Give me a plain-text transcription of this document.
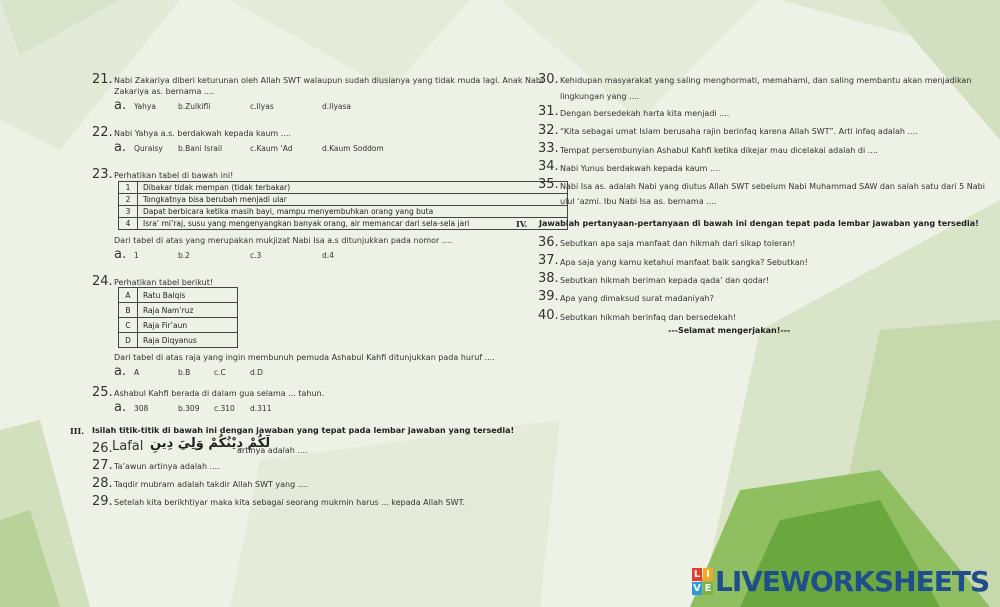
21. Nabi Zakariya diberi keturunan oleh Allah SWT walaupun sudah diusianya yang tidak muda lagi. Anak Nabi
Zakariya as. bernama ....
a. Yahya	b.Zulkifli	c.Ilyas	d.Ilyasa
22. Nabi Yahya a.s. berdakwah kepada kaum ....
a. Quraisy b.Bani Israil	c.Kaum ‘Ad	d.Kaum Soddom
23. Perhatikan tabel di bawah ini!
1	Dibakar tidak mempan (tidak terbakar)
2	Tongkatnya bisa berubah menjadi ular
3	Dapat berbicara ketika masih bayi, mampu menyembuhkan orang yang buta
4	Isra’ mi’raj, susu yang mengenyangkan banyak orang, air memancar dari sela-sela jari
Dari tabel di atas yang merupakan mukjizat Nabi Isa a.s ditunjukkan pada nomor ....
a. 1	b.2	c.3	d.4
24. Perhatikan tabel berikut!
A	Ratu Balqis
B	Raja Nam’ruz
C	Raja Fir’aun
D	Raja Diqyanus
Dari tabel di atas raja yang ingin membunuh pemuda Ashabul Kahfi ditunjukkan pada huruf ....
a. A	b.B	c.C	d.D
25. Ashabul Kahfi berada di dalam gua selama ... tahun.
a. 308	b.309 c.310 d.311
III. Isilah titik-titik di bawah ini dengan jawaban yang tepat pada lembar jawaban yang tersedia!
26. Lafal لَكُمْ دِيْنُكُمْ وَلِيَ دِينِ
artinya adalah ....
27. Ta’awun artinya adalah ....
28. Taqdir mubram adalah takdir Allah SWT yang ....
29. Setelah kita berikhtiyar maka kita sebagai seorang mukmin harus ... kepada Allah SWT.
30. Kehidupan masyarakat yang saling menghormati, memahami, dan saling membantu akan menjadikan
lingkungan yang ....
31. Dengan bersedekah harta kita menjadi ....
32. “Kita sebagai umat Islam berusaha rajin berinfaq karena Allah SWT”. Arti infaq adalah ....
33. Tempat persembunyian Ashabul Kahfi ketika dikejar mau dicelakai adalah di ....
34. Nabi Yunus berdakwah kepada kaum ....
35. Nabi Isa as. adalah Nabi yang diutus Allah SWT sebelum Nabi Muhammad SAW dan salah satu dari 5 Nabi
ulul ‘azmi. Ibu Nabi Isa as. bernama ....
IV. Jawablah pertanyaan-pertanyaan di bawah ini dengan tepat pada lembar jawaban yang tersedia!
36. Sebutkan apa saja manfaat dan hikmah dari sikap toleran!
37. Apa saja yang kamu ketahui manfaat baik sangka? Sebutkan!
38. Sebutkan hikmah beriman kepada qada’ dan qodar!
39. Apa yang dimaksud surat madaniyah?
40. Sebutkan hikmah berinfaq dan bersedekah!
---Selamat mengerjakan!---
L I
V E LIVEWORKSHEETS
